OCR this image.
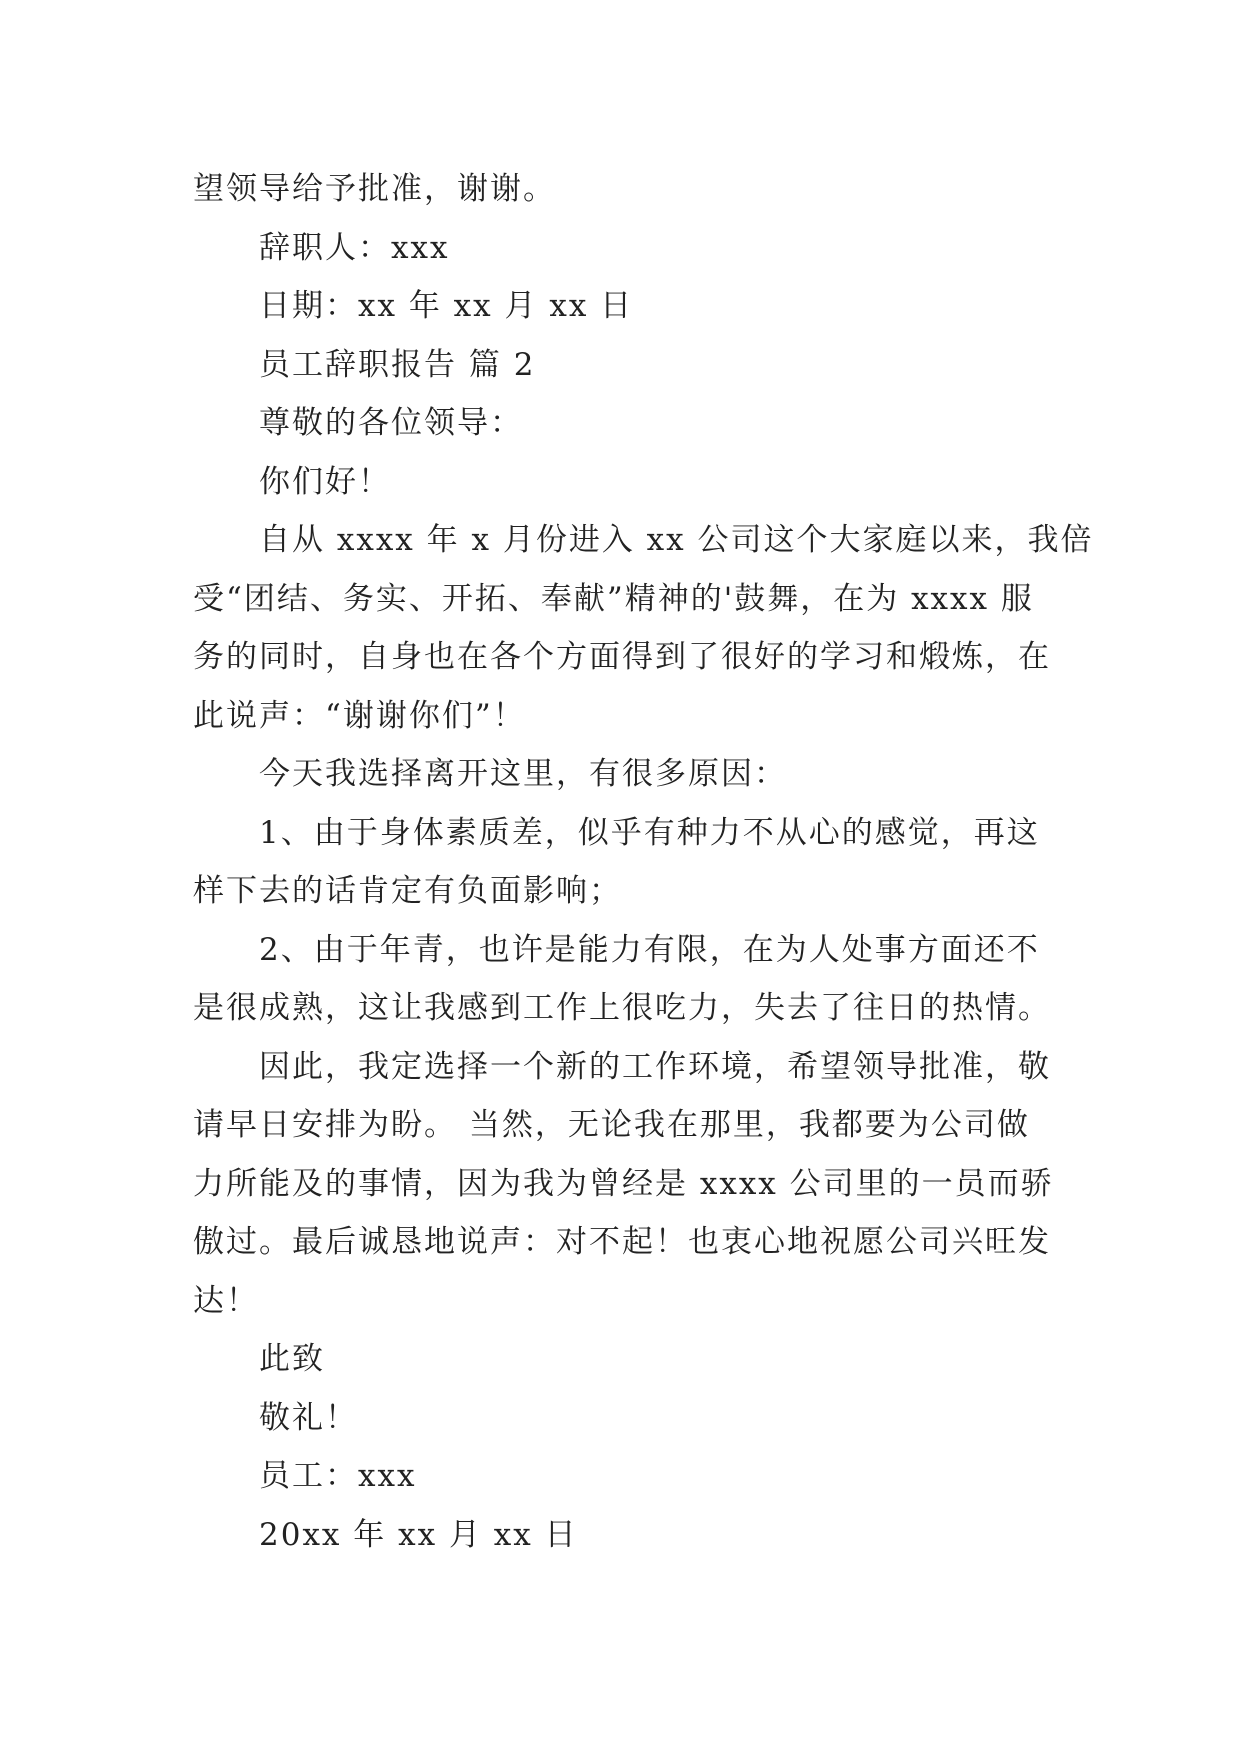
望领导给予批准，谢谢。
辞职人：xxx
日期：xx 年 xx 月 xx 日
员工辞职报告 篇 2
尊敬的各位领导：
你们好！
自从 xxxx 年 x 月份进入 xx 公司这个大家庭以来，我倍
受“团结、务实、开拓、奉献”精神的'鼓舞，在为 xxxx 服
务的同时，自身也在各个方面得到了很好的学习和煅炼，在
此说声：“谢谢你们”！
今天我选择离开这里，有很多原因：
1、由于身体素质差，似乎有种力不从心的感觉，再这
样下去的话肯定有负面影响；
2、由于年青，也许是能力有限，在为人处事方面还不
是很成熟，这让我感到工作上很吃力，失去了往日的热情。
因此，我定选择一个新的工作环境，希望领导批准，敬
请早日安排为盼。 当然，无论我在那里，我都要为公司做
力所能及的事情，因为我为曾经是 xxxx 公司里的一员而骄
傲过。最后诚恳地说声：对不起！也衷心地祝愿公司兴旺发
达！
此致
敬礼！
员工：xxx
20xx 年 xx 月 xx 日
